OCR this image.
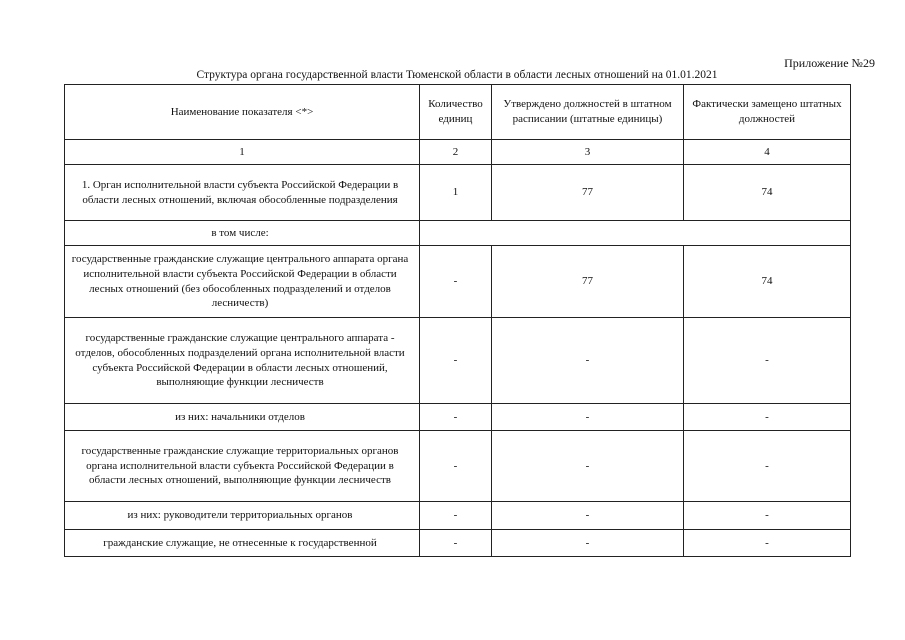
Приложение №29
Структура органа государственной власти Тюменской области в области лесных отношений на 01.01.2021
Наименование показателя <*>	Количество единиц	Утверждено должностей в штатном расписании (штатные единицы)	Фактически замещено штатных должностей
1	2	3	4
1. Орган исполнительной власти субъекта Российской Федерации в области лесных отношений, включая обособленные подразделения	1	77	74
в том числе:			
государственные гражданские служащие центрального аппарата органа исполнительной власти субъекта Российской Федерации в области лесных отношений (без обособленных подразделений и отделов лесничеств)	-	77	74
государственные гражданские служащие центрального аппарата - отделов, обособленных подразделений органа исполнительной власти субъекта Российской Федерации в области лесных отношений, выполняющие функции лесничеств	-	-	-
из них: начальники отделов	-	-	-
государственные гражданские служащие территориальных органов органа исполнительной власти субъекта Российской Федерации в области лесных отношений, выполняющие функции лесничеств	-	-	-
из них: руководители территориальных органов	-	-	-
гражданские служащие, не отнесенные к государственной	-	-	-
